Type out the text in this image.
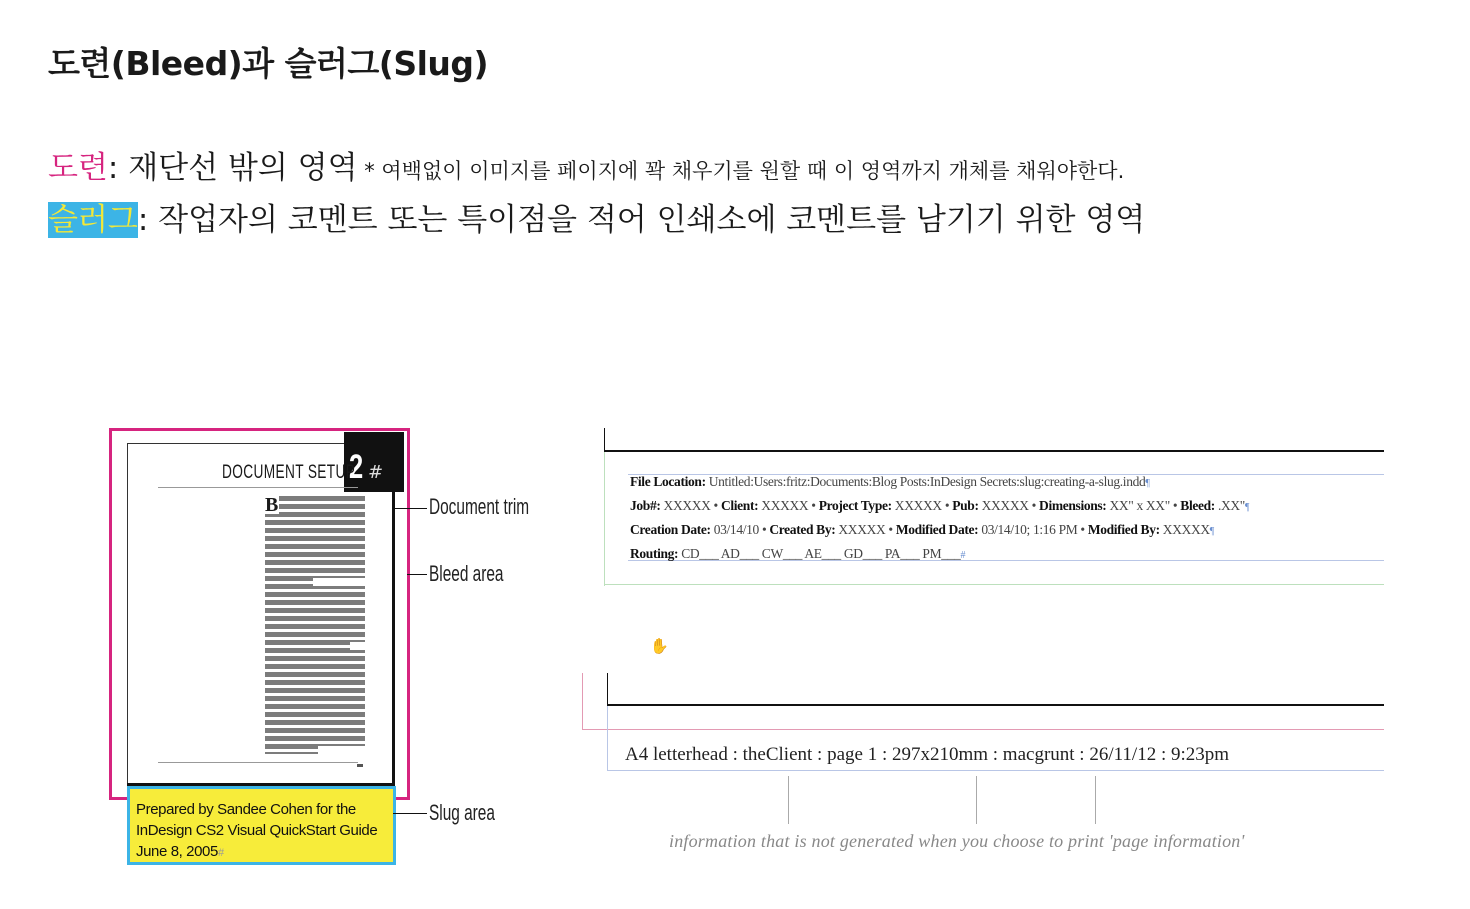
도련(Bleed)과 슬러그(Slug)
도련: 재단선 밖의 영역 * 여백없이 이미지를 페이지에 꽉 채우기를 원할 때 이 영역까지 개체를 채워야한다.
슬러그: 작업자의 코멘트 또는 특이점을 적어 인쇄소에 코멘트를 남기기 위한 영역
2 #
DOCUMENT SETUP
B
Prepared by Sandee Cohen for the
InDesign CS2 Visual QuickStart Guide
June 8, 2005#
Document trim
Bleed area
Slug area
File Location: Untitled:Users:fritz:Documents:Blog Posts:InDesign Secrets:slug:creating-a-slug.indd¶
Job#: XXXXX • Client: XXXXX • Project Type: XXXXX • Pub: XXXXX • Dimensions: XX" x XX" • Bleed: .XX"¶
Creation Date: 03/14/10 • Created By: XXXXX • Modified Date: 03/14/10; 1:16 PM • Modified By: XXXXX¶
Routing: CD___ AD___ CW___ AE___ GD___ PA___ PM___#
✋
A4 letterhead : theClient : page 1 : 297x210mm : macgrunt : 26/11/12 : 9:23pm
information that is not generated when you choose to print 'page information'
